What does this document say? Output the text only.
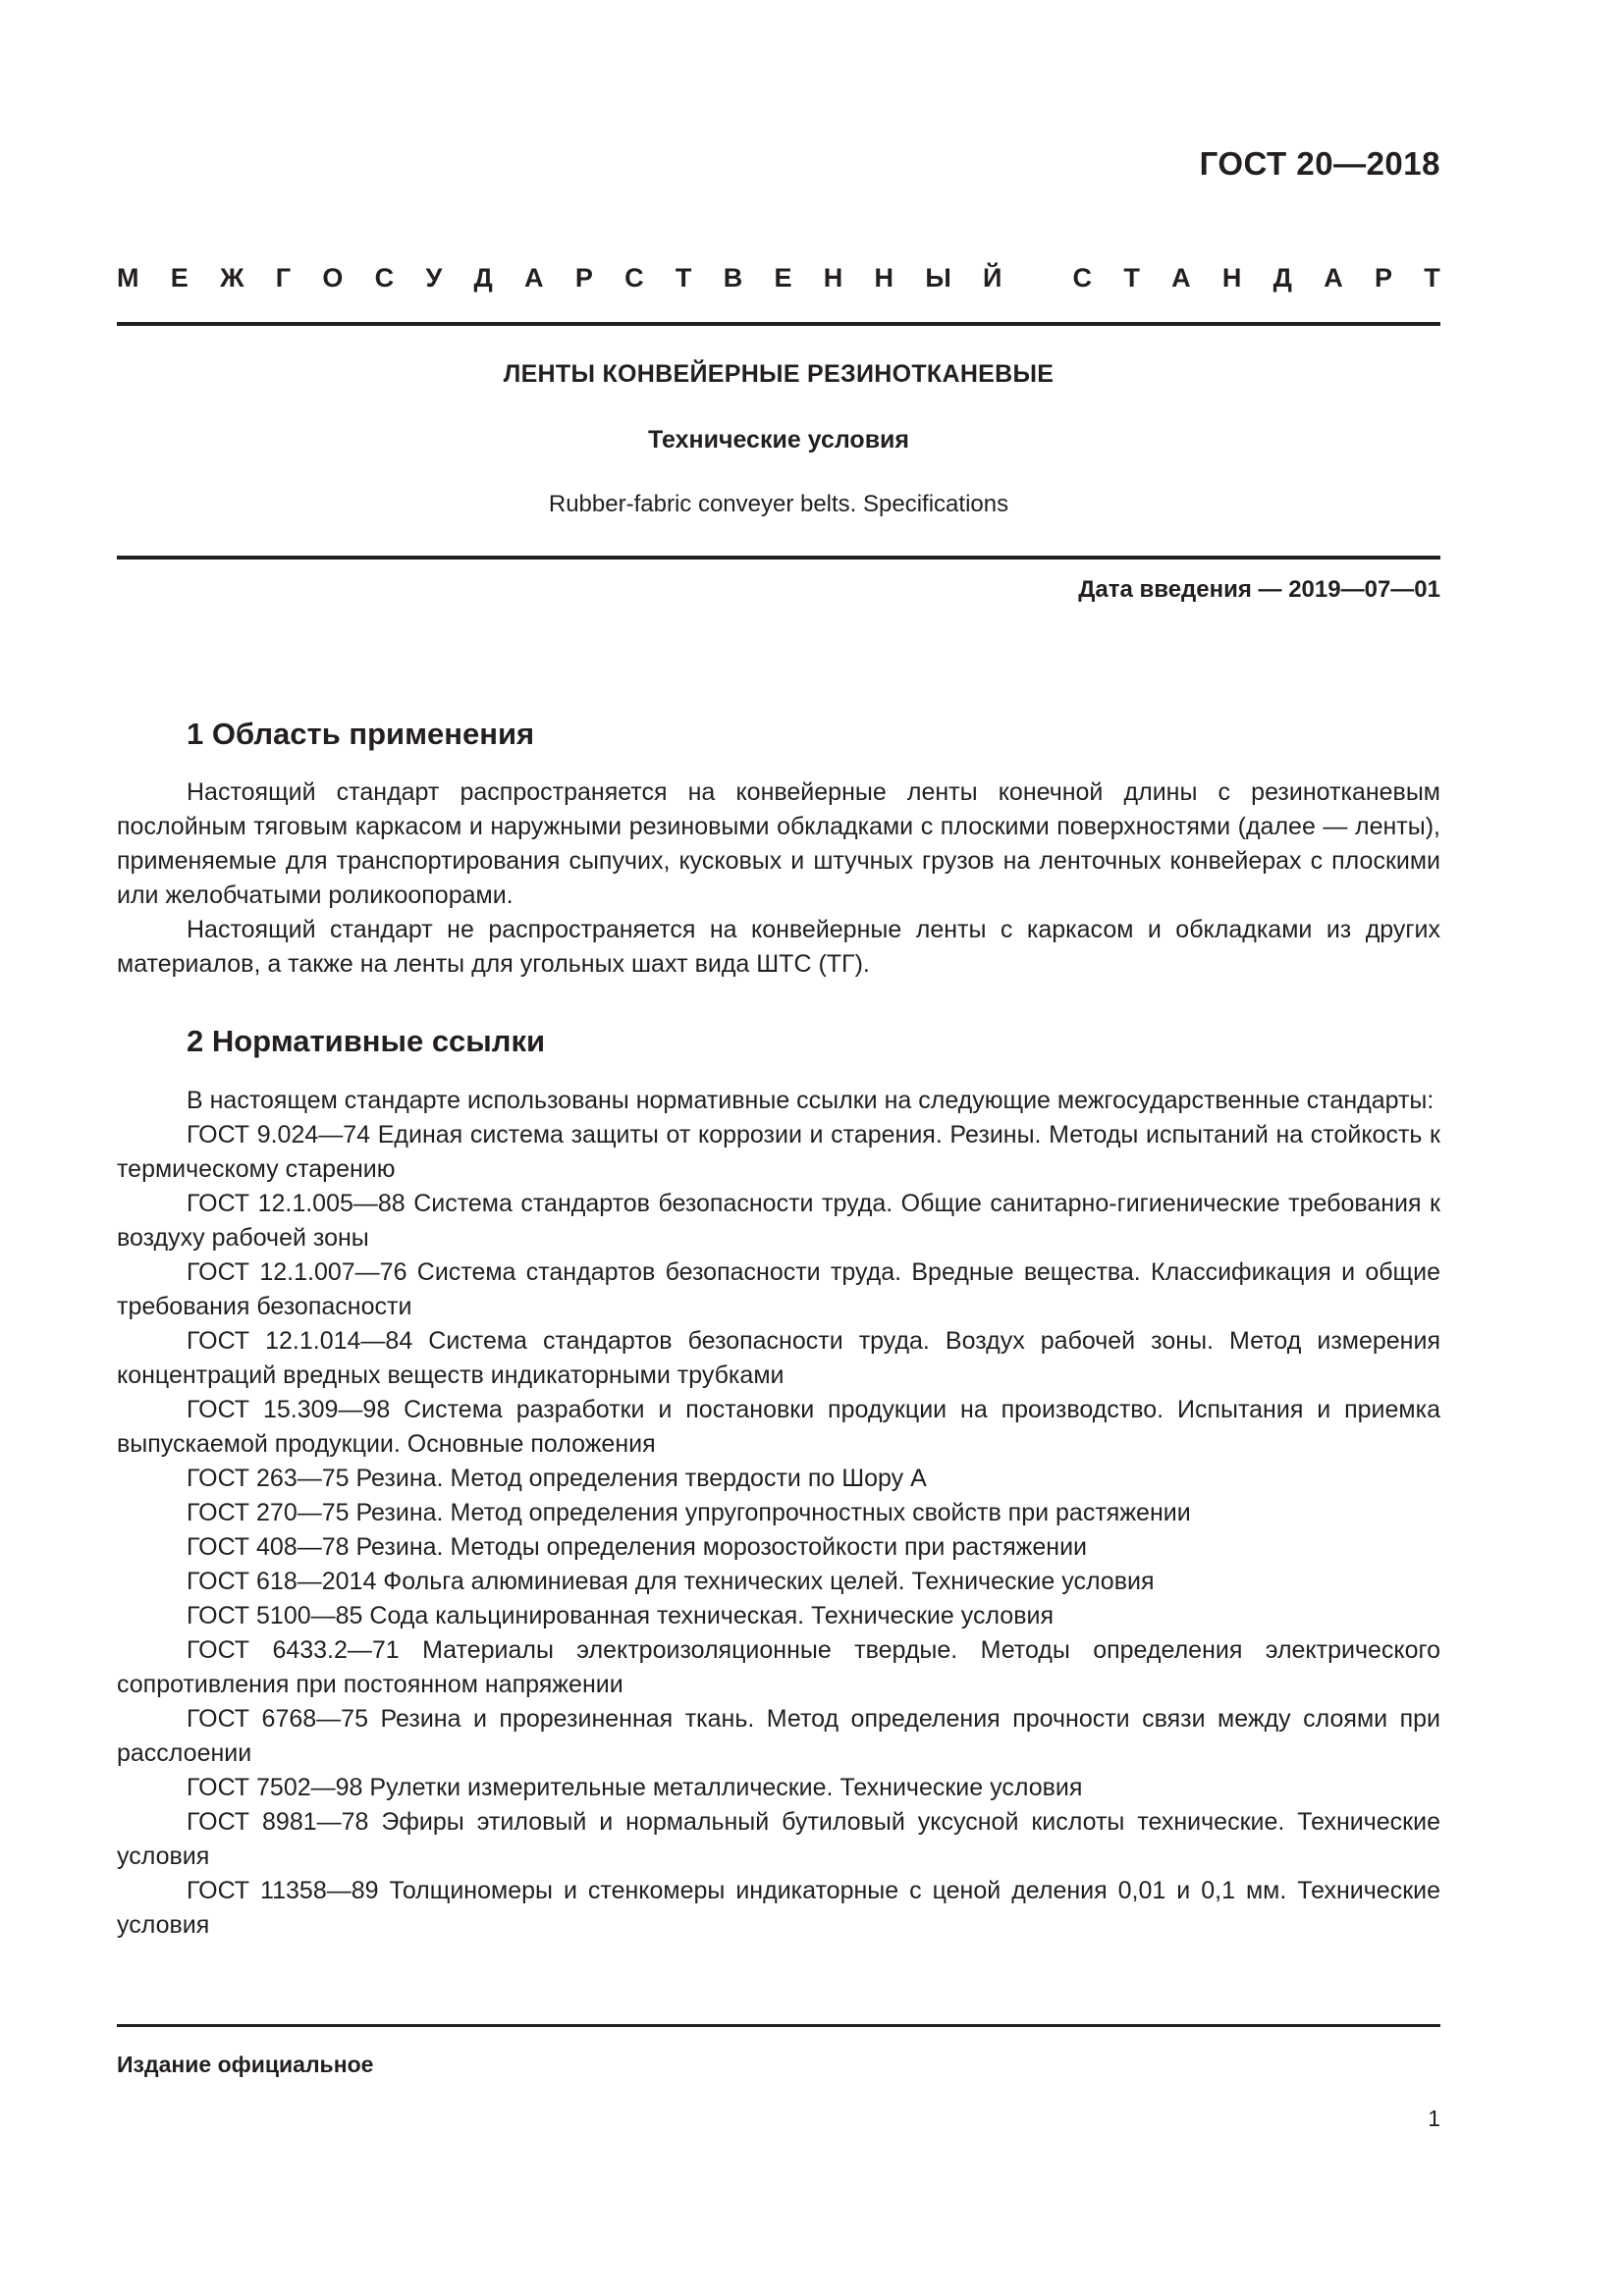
ГОСТ 20—2018
М Е Ж Г О С У Д А Р С Т В Е Н Н Ы Й
	С Т А Н Д А Р Т
ЛЕНТЫ КОНВЕЙЕРНЫЕ РЕЗИНОТКАНЕВЫЕ
Технические условия
Rubber-fabric conveyer belts. Specifications
Дата введения — 2019—07—01
1 Область применения

Настоящий стандарт распространяется на конвейерные ленты конечной длины с резинотканевым послойным тяговым каркасом и наружными резиновыми обкладками с плоскими поверхностями (далее — ленты), применяемые для транспортирования сыпучих, кусковых и штучных грузов на ленточных конвейерах с плоскими или желобчатыми роликоопорами.

Настоящий стандарт не распространяется на конвейерные ленты с каркасом и обкладками из других материалов, а также на ленты для угольных шахт вида ШТС (ТГ).

2 Нормативные ссылки

В настоящем стандарте использованы нормативные ссылки на следующие межгосударственные стандарты:

ГОСТ 9.024—74 Единая система защиты от коррозии и старения. Резины. Методы испытаний на стойкость к термическому старению

ГОСТ 12.1.005—88 Система стандартов безопасности труда. Общие санитарно-гигиенические требования к воздуху рабочей зоны

ГОСТ 12.1.007—76 Система стандартов безопасности труда. Вредные вещества. Классификация и общие требования безопасности

ГОСТ 12.1.014—84 Система стандартов безопасности труда. Воздух рабочей зоны. Метод измерения концентраций вредных веществ индикаторными трубками

ГОСТ 15.309—98 Система разработки и постановки продукции на производство. Испытания и приемка выпускаемой продукции. Основные положения

ГОСТ 263—75 Резина. Метод определения твердости по Шору А

ГОСТ 270—75 Резина. Метод определения упругопрочностных свойств при растяжении

ГОСТ 408—78 Резина. Методы определения морозостойкости при растяжении

ГОСТ 618—2014 Фольга алюминиевая для технических целей. Технические условия

ГОСТ 5100—85 Сода кальцинированная техническая. Технические условия

ГОСТ 6433.2—71 Материалы электроизоляционные твердые. Методы определения электрического сопротивления при постоянном напряжении

ГОСТ 6768—75 Резина и прорезиненная ткань. Метод определения прочности связи между слоями при расслоении

ГОСТ 7502—98 Рулетки измерительные металлические. Технические условия

ГОСТ 8981—78 Эфиры этиловый и нормальный бутиловый уксусной кислоты технические. Технические условия

ГОСТ 11358—89 Толщиномеры и стенкомеры индикаторные с ценой деления 0,01 и 0,1 мм. Технические условия

Издание официальное
1
